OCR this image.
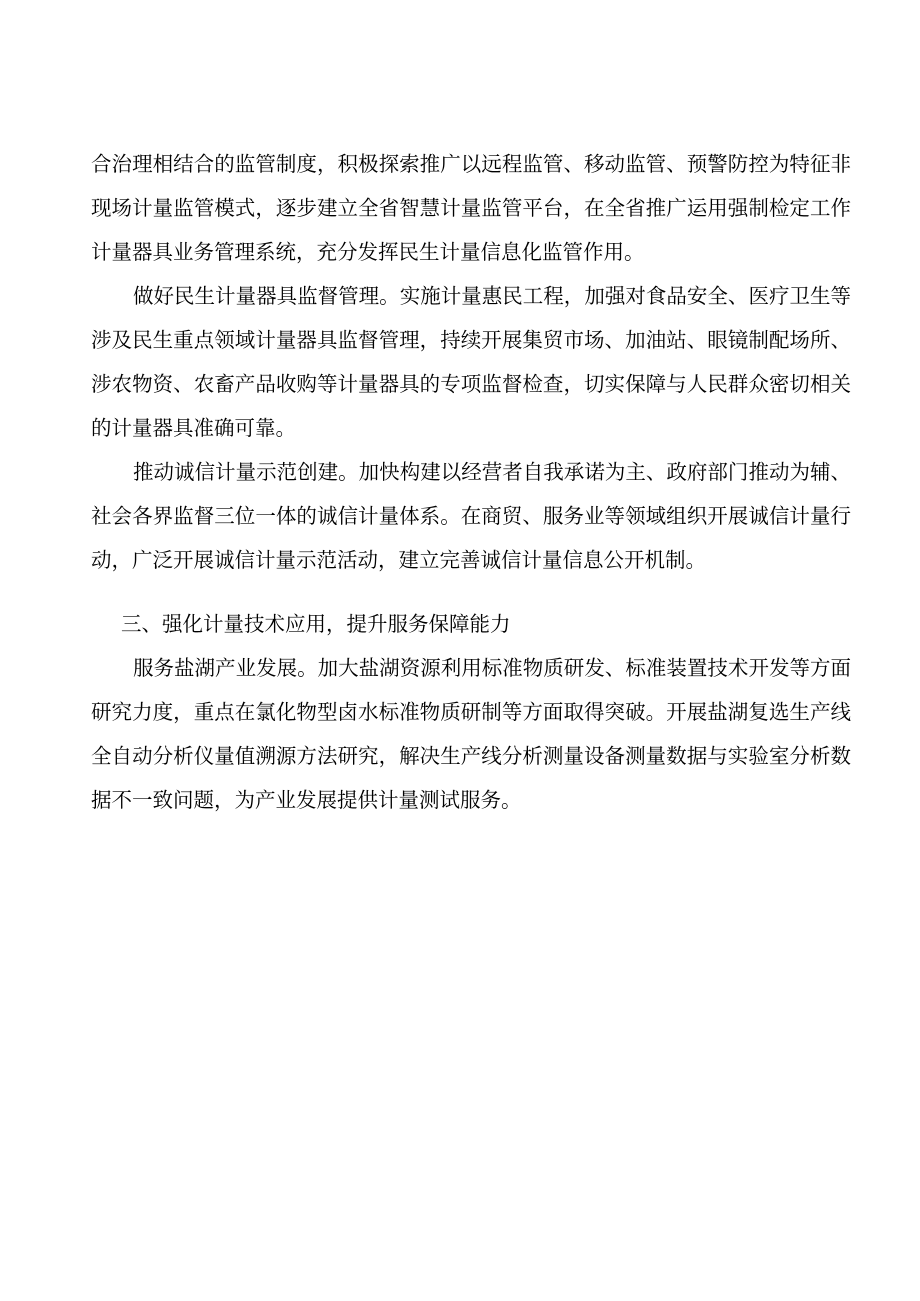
合治理相结合的监管制度，积极探索推广以远程监管、移动监管、预警防控为特征非现场计量监管模式，逐步建立全省智慧计量监管平台，在全省推广运用强制检定工作计量器具业务管理系统，充分发挥民生计量信息化监管作用。

做好民生计量器具监督管理。实施计量惠民工程，加强对食品安全、医疗卫生等涉及民生重点领域计量器具监督管理，持续开展集贸市场、加油站、眼镜制配场所、涉农物资、农畜产品收购等计量器具的专项监督检查，切实保障与人民群众密切相关的计量器具准确可靠。

推动诚信计量示范创建。加快构建以经营者自我承诺为主、政府部门推动为辅、社会各界监督三位一体的诚信计量体系。在商贸、服务业等领域组织开展诚信计量行动，广泛开展诚信计量示范活动，建立完善诚信计量信息公开机制。

三、强化计量技术应用，提升服务保障能力

服务盐湖产业发展。加大盐湖资源利用标准物质研发、标准装置技术开发等方面研究力度，重点在氯化物型卤水标准物质研制等方面取得突破。开展盐湖复选生产线全自动分析仪量值溯源方法研究，解决生产线分析测量设备测量数据与实验室分析数据不一致问题，为产业发展提供计量测试服务。
